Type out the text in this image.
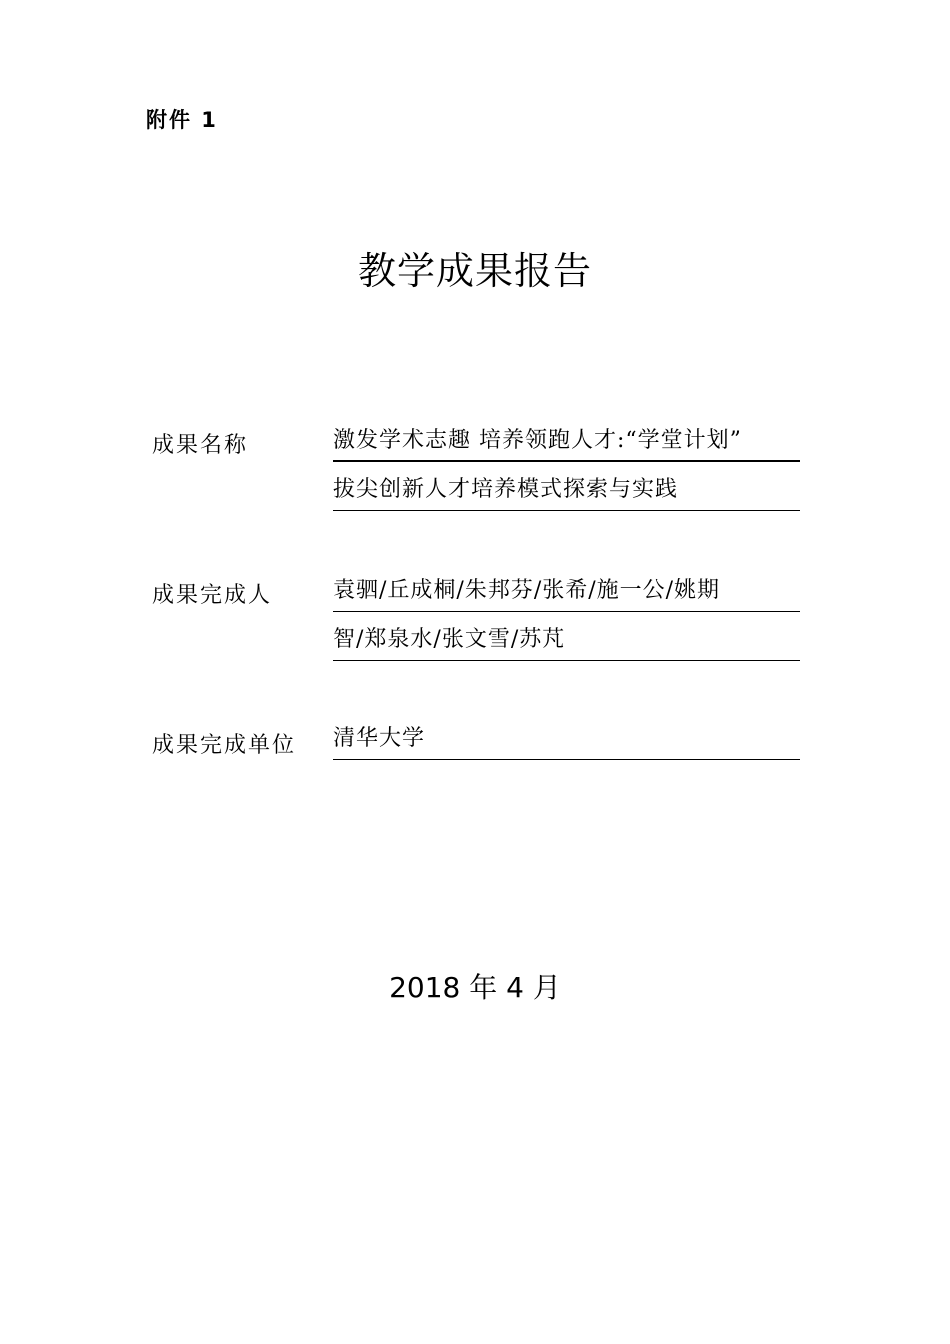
附件 1
教学成果报告
成果名称	激发学术志趣 培养领跑人才:“学堂计划”
拔尖创新人才培养模式探索与实践
成果完成人	袁驷/丘成桐/朱邦芬/张希/施一公/姚期
智/郑泉水/张文雪/苏芃
成果完成单位 清华大学
2018 年 4 月
